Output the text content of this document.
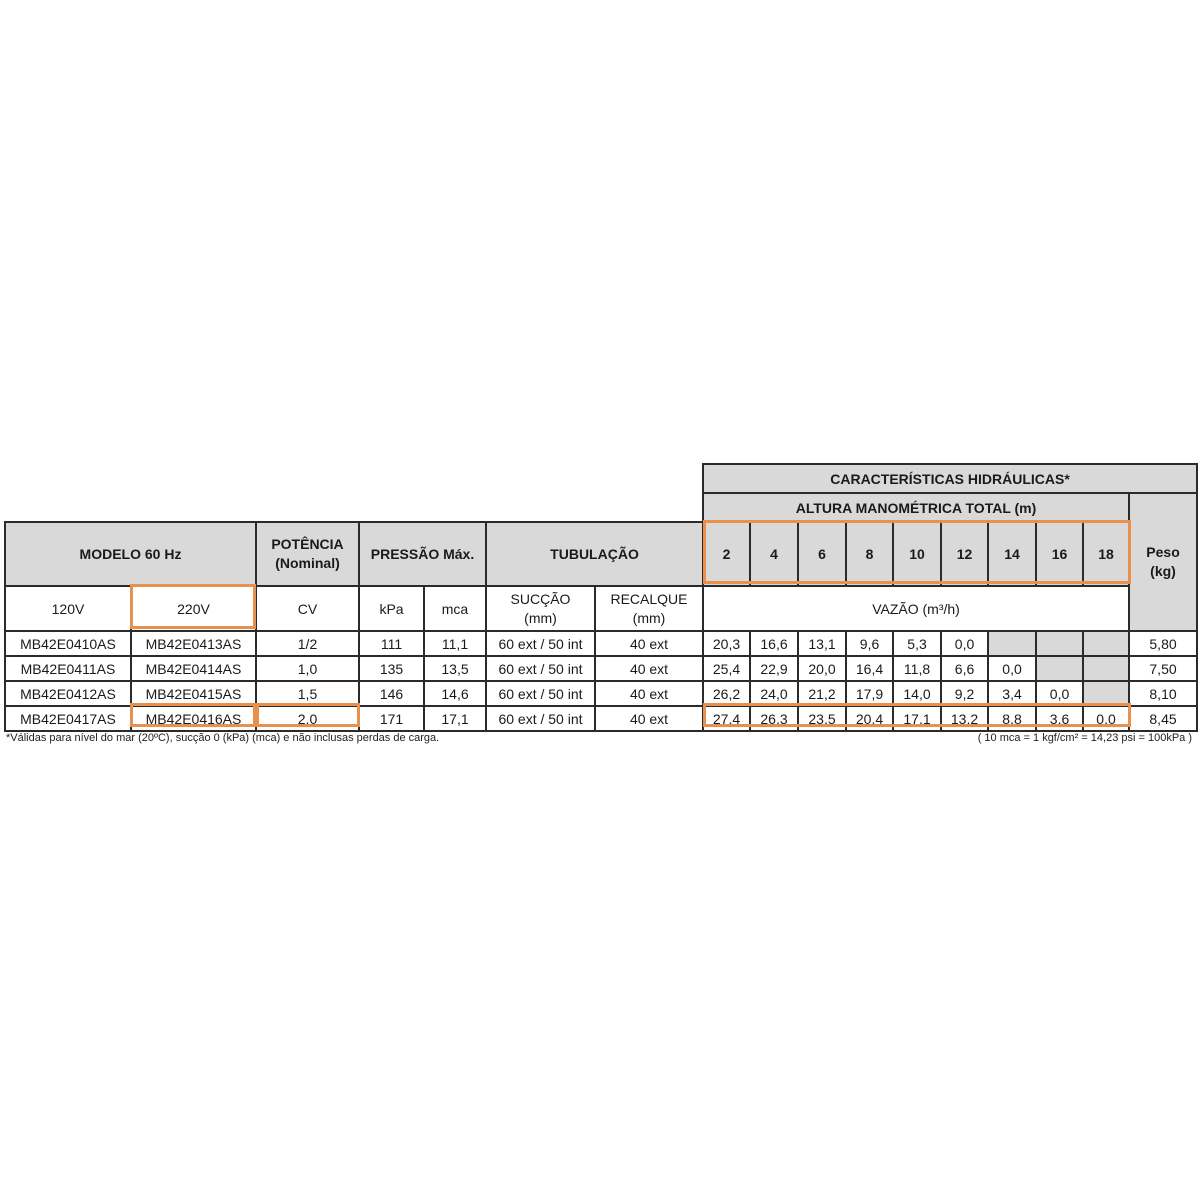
							CARACTERÍSTICAS HIDRÁULICAS*									
							ALTURA MANOMÉTRICA TOTAL (m)									Peso
(kg)
MODELO 60 Hz		POTÊNCIA
(Nominal)	PRESSÃO Máx.		TUBULAÇÃO		2	4	6	8	10	12	14	16	18	
120V	220V	CV	kPa	mca	SUCÇÃO
(mm)	RECALQUE
(mm)	VAZÃO (m³/h)									
MB42E0410AS	MB42E0413AS	1/2	111	11,1	60 ext / 50 int	40 ext	20,3	16,6	13,1	9,6	5,3	0,0				5,80
MB42E0411AS	MB42E0414AS	1,0	135	13,5	60 ext / 50 int	40 ext	25,4	22,9	20,0	16,4	11,8	6,6	0,0			7,50
MB42E0412AS	MB42E0415AS	1,5	146	14,6	60 ext / 50 int	40 ext	26,2	24,0	21,2	17,9	14,0	9,2	3,4	0,0		8,10
MB42E0417AS	MB42E0416AS	2,0	171	17,1	60 ext / 50 int	40 ext	27,4	26,3	23,5	20,4	17,1	13,2	8,8	3,6	0,0	8,45
*Válidas para nível do mar (20ºC), sucção 0 (kPa) (mca) e não inclusas perdas de carga.	( 10 mca = 1 kgf/cm² = 14,23 psi = 100kPa )
